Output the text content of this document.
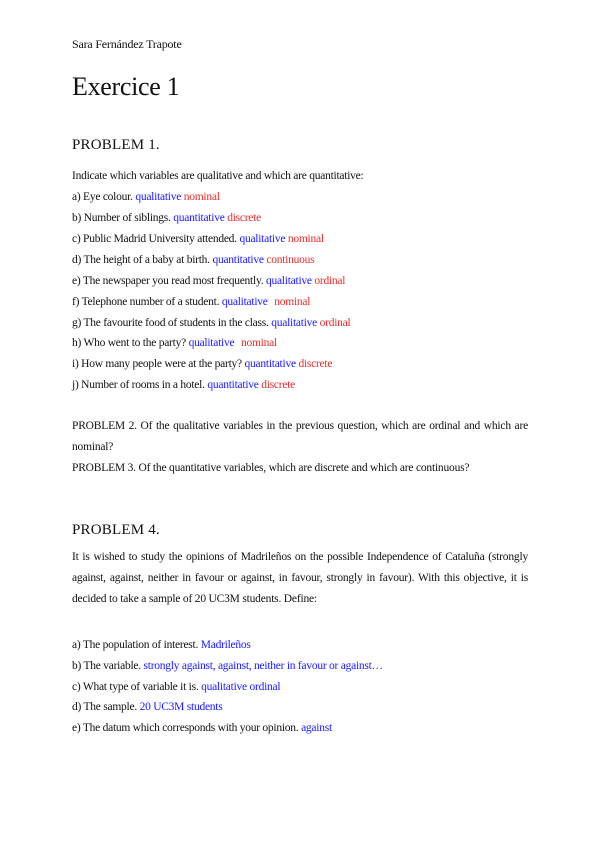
Sara Fernández Trapote
Exercice 1
PROBLEM 1.
Indicate which variables are qualitative and which are quantitative:
a) Eye colour. qualitative nominal
b) Number of siblings. quantitative discrete
c) Public Madrid University attended. qualitative nominal
d) The height of a baby at birth. quantitative continuous
e) The newspaper you read most frequently. qualitative ordinal
f) Telephone number of a student. qualitative nominal
g) The favourite food of students in the class. qualitative ordinal
h) Who went to the party? qualitative nominal
i) How many people were at the party? quantitative discrete
j) Number of rooms in a hotel. quantitative discrete
PROBLEM 2. Of the qualitative variables in the previous question, which are ordinal and which are nominal?
PROBLEM 3. Of the quantitative variables, which are discrete and which are continuous?
PROBLEM 4.
It is wished to study the opinions of Madrileños on the possible Independence of Cataluña (strongly against, against, neither in favour or against, in favour, strongly in favour). With this objective, it is decided to take a sample of 20 UC3M students. Define:
a) The population of interest. Madrileños
b) The variable. strongly against, against, neither in favour or against…
c) What type of variable it is. qualitative ordinal
d) The sample. 20 UC3M students
e) The datum which corresponds with your opinion. against
